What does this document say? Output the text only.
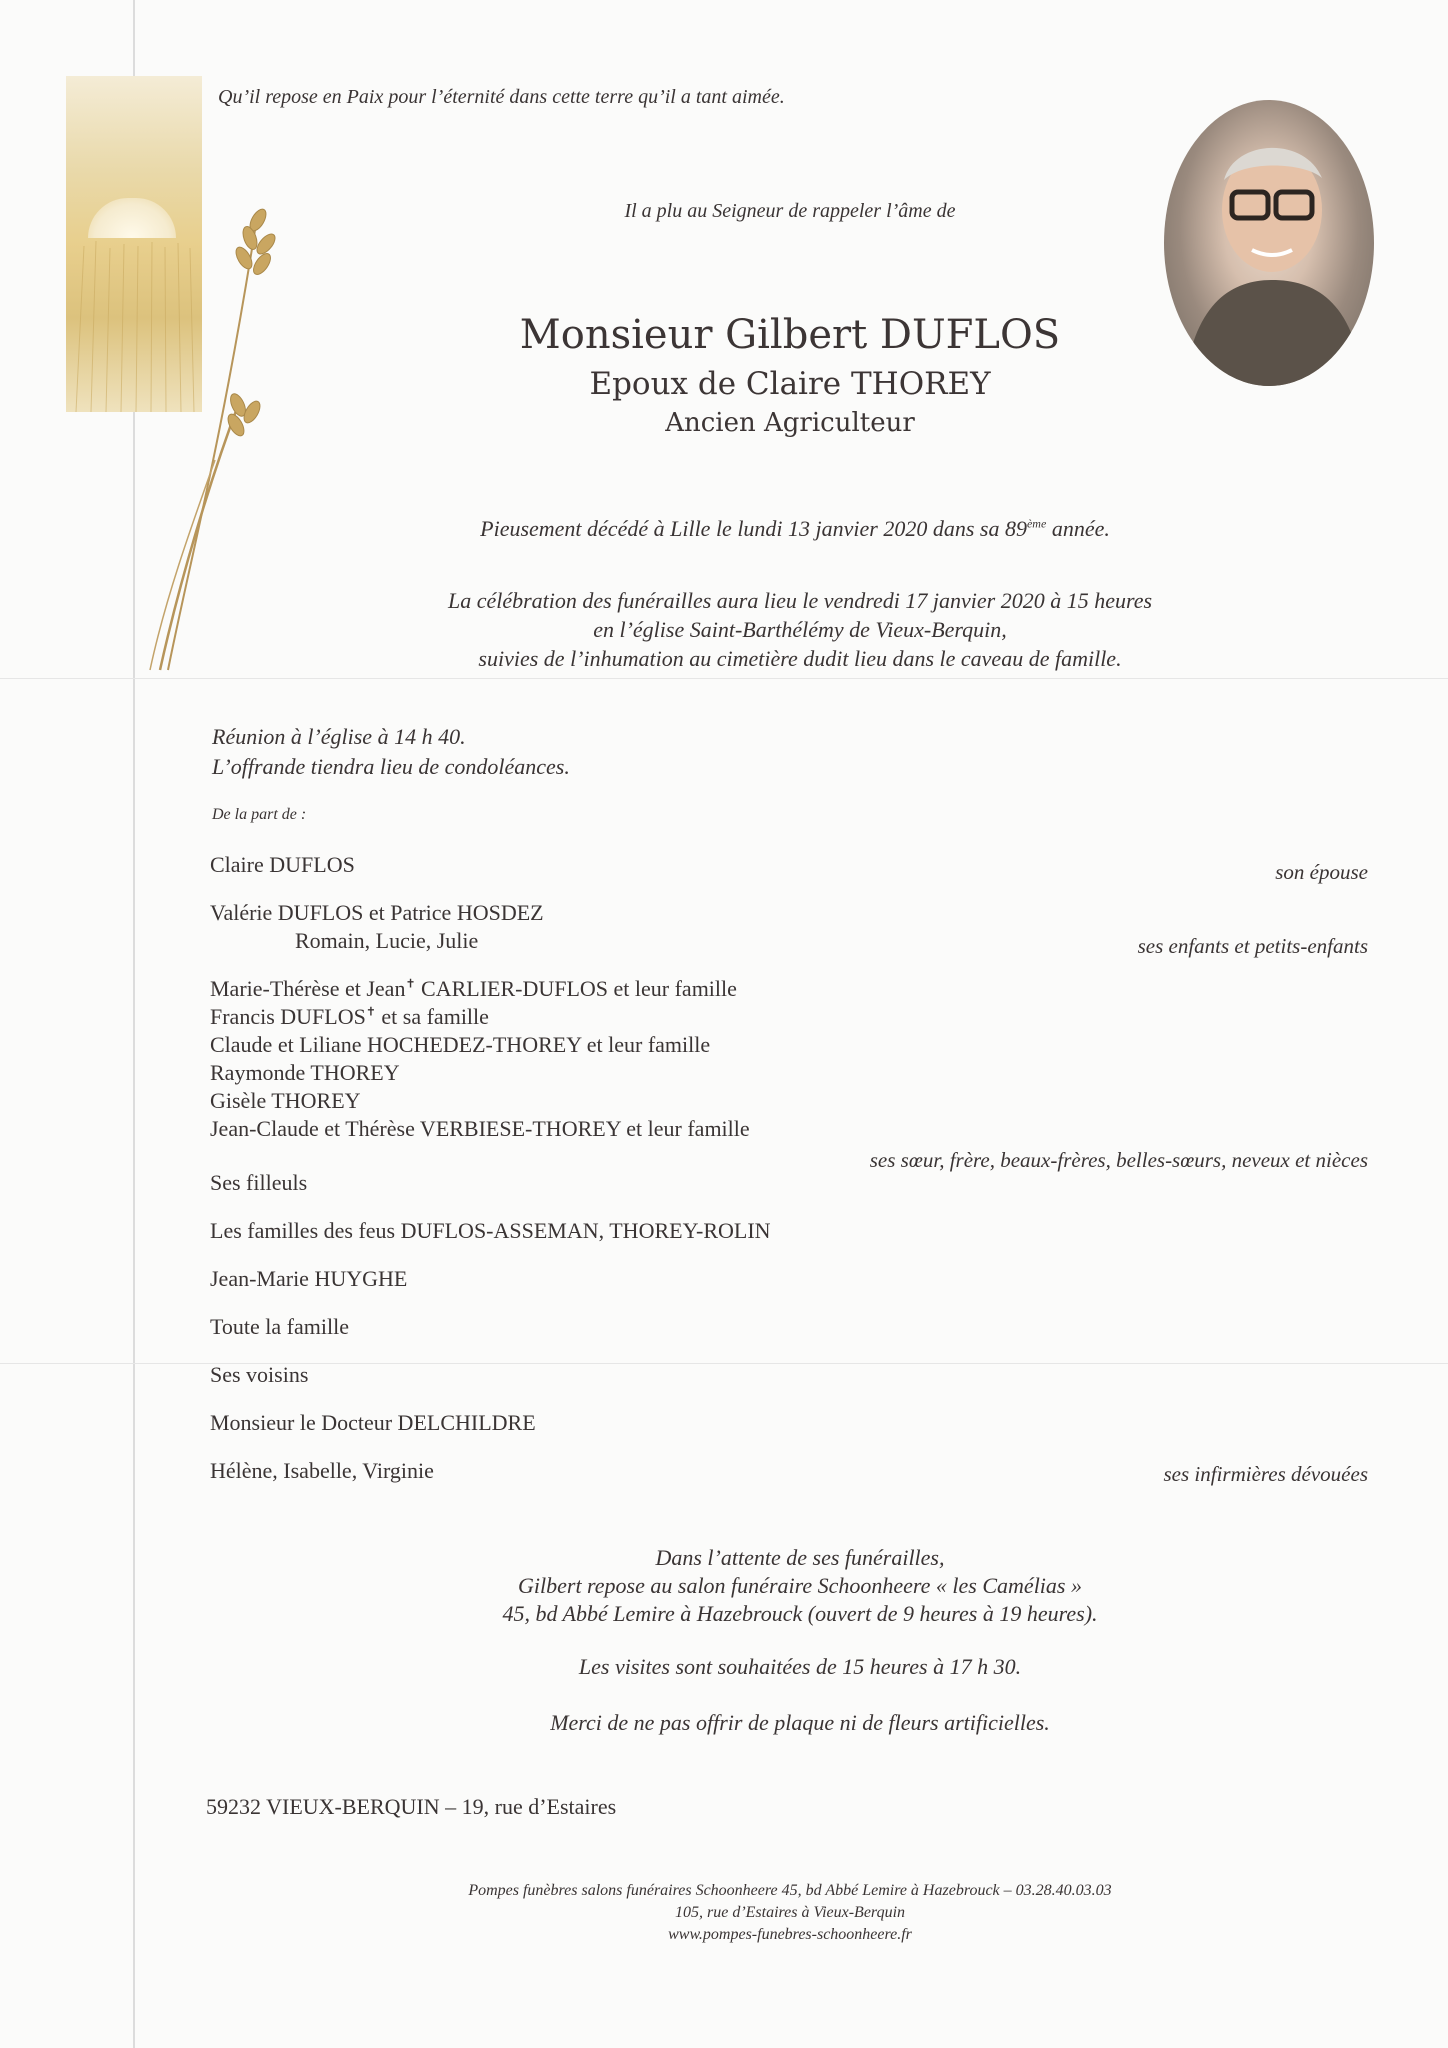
Qu’il repose en Paix pour l’éternité dans cette terre qu’il a tant aimée.
Il a plu au Seigneur de rappeler l’âme de
Monsieur Gilbert DUFLOS
Epoux de Claire THOREY
Ancien Agriculteur
Pieusement décédé à Lille le lundi 13 janvier 2020 dans sa 89ème année.
La célébration des funérailles aura lieu le vendredi 17 janvier 2020 à 15 heures
en l’église Saint-Barthélémy de Vieux-Berquin,
suivies de l’inhumation au cimetière dudit lieu dans le caveau de famille.
Réunion à l’église à 14 h 40.
L’offrande tiendra lieu de condoléances.
De la part de :
Claire DUFLOS	son épouse
Valérie DUFLOS et Patrice HOSDEZ
Romain, Lucie, Julie	ses enfants et petits-enfants
Marie-Thérèse et Jean✝ CARLIER-DUFLOS et leur famille
Francis DUFLOS✝ et sa famille
Claude et Liliane HOCHEDEZ-THOREY et leur famille
Raymonde THOREY
Gisèle THOREY
Jean-Claude et Thérèse VERBIESE-THOREY et leur famille
ses sœur, frère, beaux-frères, belles-sœurs, neveux et nièces
Ses filleuls
Les familles des feus DUFLOS-ASSEMAN, THOREY-ROLIN
Jean-Marie HUYGHE
Toute la famille
Ses voisins
Monsieur le Docteur DELCHILDRE
Hélène, Isabelle, Virginie	ses infirmières dévouées
Dans l’attente de ses funérailles,
Gilbert repose au salon funéraire Schoonheere « les Camélias »
45, bd Abbé Lemire à Hazebrouck (ouvert de 9 heures à 19 heures).
Les visites sont souhaitées de 15 heures à 17 h 30.
Merci de ne pas offrir de plaque ni de fleurs artificielles.
59232 VIEUX-BERQUIN – 19, rue d’Estaires
Pompes funèbres salons funéraires Schoonheere 45, bd Abbé Lemire à Hazebrouck – 03.28.40.03.03
105, rue d’Estaires à Vieux-Berquin
www.pompes-funebres-schoonheere.fr
